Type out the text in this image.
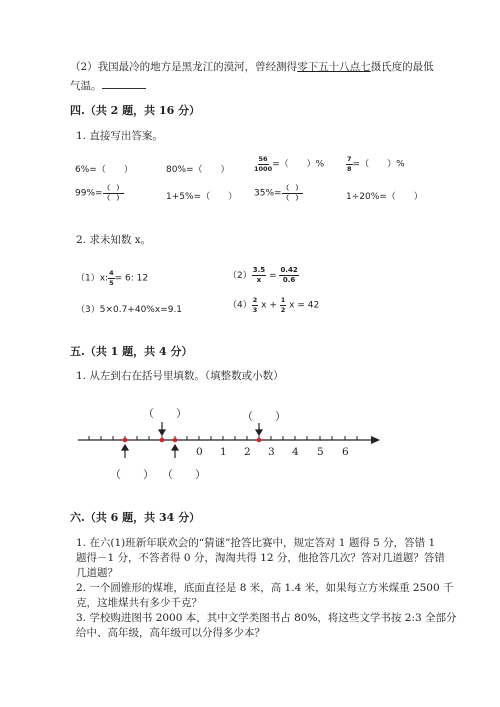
（2）我国最冷的地方是黑龙江的漠河，曾经测得零下五十八点七摄氏度的最低
气温。
四.（共 2 题，共 16 分）
1. 直接写出答案。
6%=（　　）	80%=（　　）	$\frac{56}{1000}$ =（　　）%	$\frac{7}{8}$ =（　　）%
$99\%= \frac{( )}{( )}$	1+5%=（　　） $35\%= \frac{( )}{( )}$	1÷20%=（　　）
2. 求未知数 x。
（1）x: $\frac{4}{5} = 6$: 12	$(2) \frac{3.5}{x} = \frac{0.42}{0.6}$
（3）5×0.7+40%x=9.1	$(4) \frac{2}{3}$ $x + \frac{1}{2}$ x = 42
五.（共 1 题，共 4 分）
1. 从左到右在括号里填数。（填整数或小数）
（　　）	（　　）
（　　） （　　）
0 1 2 3 4 5 6
六.（共 6 题，共 34 分）
1. 在六(1)班新年联欢会的“猜谜”抢答比赛中，规定答对 1 题得 5 分，答错 1
题得－1 分，不答者得 0 分，淘淘共得 12 分，他抢答几次？答对几道题？答错
几道题？
2. 一个圆锥形的煤堆，底面直径是 8 米，高 1.4 米，如果每立方米煤重 2500 千
克，这堆煤共有多少千克？
3. 学校购进图书 2000 本，其中文学类图书占 80%，将这些文学书按 2:3 全部分
给中、高年级，高年级可以分得多少本？
